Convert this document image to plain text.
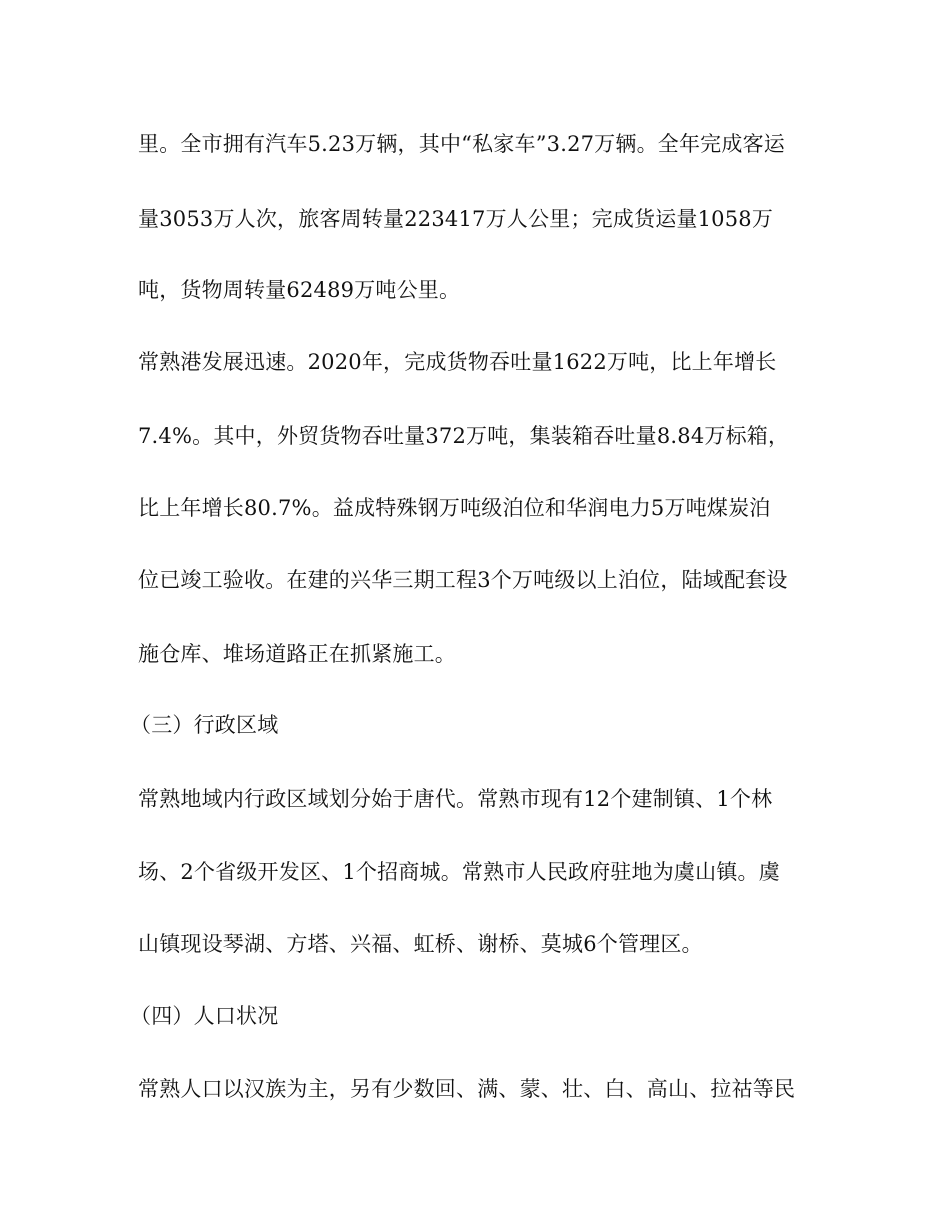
里。全市拥有汽车5.23万辆，其中“私家车”3.27万辆。全年完成客运
量3053万人次，旅客周转量223417万人公里；完成货运量1058万
吨，货物周转量62489万吨公里。
常熟港发展迅速。2020年，完成货物吞吐量1622万吨，比上年增长
7.4%。其中，外贸货物吞吐量372万吨，集装箱吞吐量8.84万标箱，
比上年增长80.7%。益成特殊钢万吨级泊位和华润电力5万吨煤炭泊
位已竣工验收。在建的兴华三期工程3个万吨级以上泊位，陆域配套设
施仓库、堆场道路正在抓紧施工。
（三）行政区域
常熟地域内行政区域划分始于唐代。常熟市现有12个建制镇、1个林
场、2个省级开发区、1个招商城。常熟市人民政府驻地为虞山镇。虞
山镇现设琴湖、方塔、兴福、虹桥、谢桥、莫城6个管理区。
（四）人口状况
常熟人口以汉族为主，另有少数回、满、蒙、壮、白、高山、拉祜等民
